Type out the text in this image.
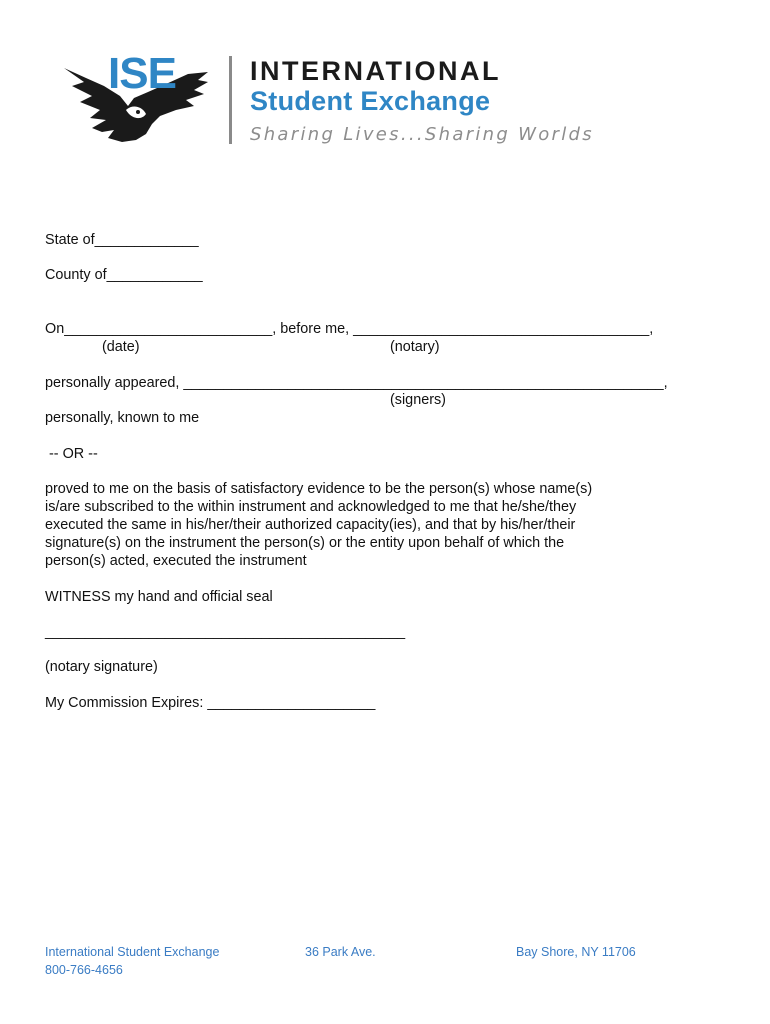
ISE	INTERNATIONAL
Student Exchange
Sharing Lives...Sharing Worlds
State of_____________
County of____________
On__________________________, before me, _____________________________________,
(date)	(notary)
personally appeared, ____________________________________________________________,
(signers)
personally, known to me
-- OR --
proved to me on the basis of satisfactory evidence to be the person(s) whose name(s)
is/are subscribed to the within instrument and acknowledged to me that he/she/they
executed the same in his/her/their authorized capacity(ies), and that by his/her/their
signature(s) on the instrument the person(s) or the entity upon behalf of which the
person(s) acted, executed the instrument
WITNESS my hand and official seal
_____________________________________________
(notary signature)
My Commission Expires: _____________________
International Student Exchange
800-766-4656
36 Park Ave.	Bay Shore, NY 11706
